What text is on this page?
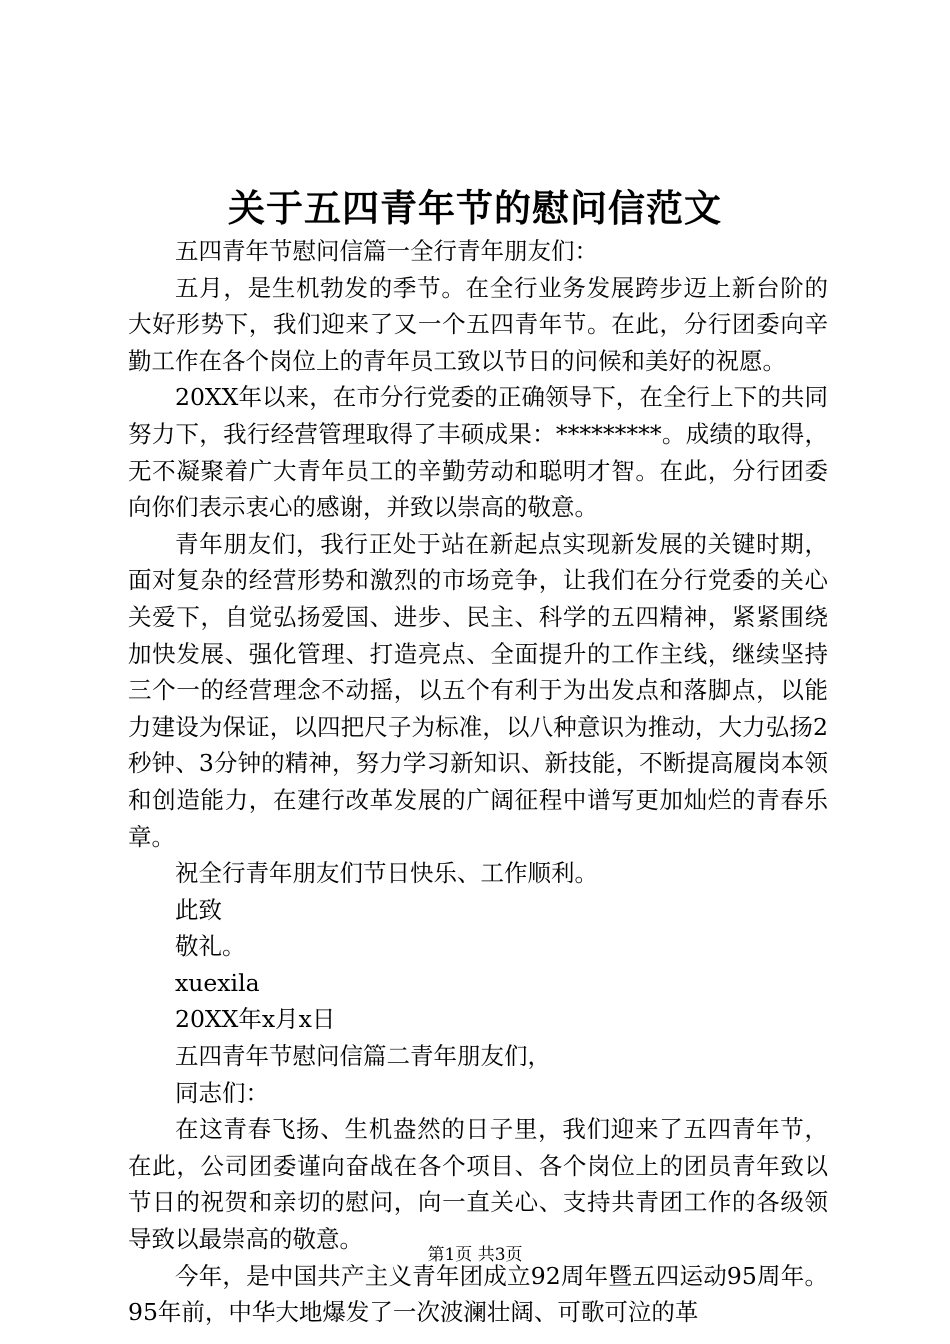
关于五四青年节的慰问信范文

五四青年节慰问信篇一全行青年朋友们：

五月，是生机勃发的季节。在全行业务发展跨步迈上新台阶的大好形势下，我们迎来了又一个五四青年节。在此，分行团委向辛勤工作在各个岗位上的青年员工致以节日的问候和美好的祝愿。

20XX年以来，在市分行党委的正确领导下，在全行上下的共同努力下，我行经营管理取得了丰硕成果：*********。成绩的取得，无不凝聚着广大青年员工的辛勤劳动和聪明才智。在此，分行团委向你们表示衷心的感谢，并致以崇高的敬意。

青年朋友们，我行正处于站在新起点实现新发展的关键时期，面对复杂的经营形势和激烈的市场竞争，让我们在分行党委的关心关爱下，自觉弘扬爱国、进步、民主、科学的五四精神，紧紧围绕加快发展、强化管理、打造亮点、全面提升的工作主线，继续坚持三个一的经营理念不动摇，以五个有利于为出发点和落脚点，以能力建设为保证，以四把尺子为标准，以八种意识为推动，大力弘扬2秒钟、3分钟的精神，努力学习新知识、新技能，不断提高履岗本领和创造能力，在建行改革发展的广阔征程中谱写更加灿烂的青春乐章。

祝全行青年朋友们节日快乐、工作顺利。

此致

敬礼。

xuexila

20XX年x月x日

五四青年节慰问信篇二青年朋友们，

同志们：

在这青春飞扬、生机盎然的日子里，我们迎来了五四青年节，在此，公司团委谨向奋战在各个项目、各个岗位上的团员青年致以节日的祝贺和亲切的慰问，向一直关心、支持共青团工作的各级领导致以最崇高的敬意。

今年，是中国共产主义青年团成立92周年暨五四运动95周年。95年前，中华大地爆发了一次波澜壮阔、可歌可泣的革

第1页 共3页
